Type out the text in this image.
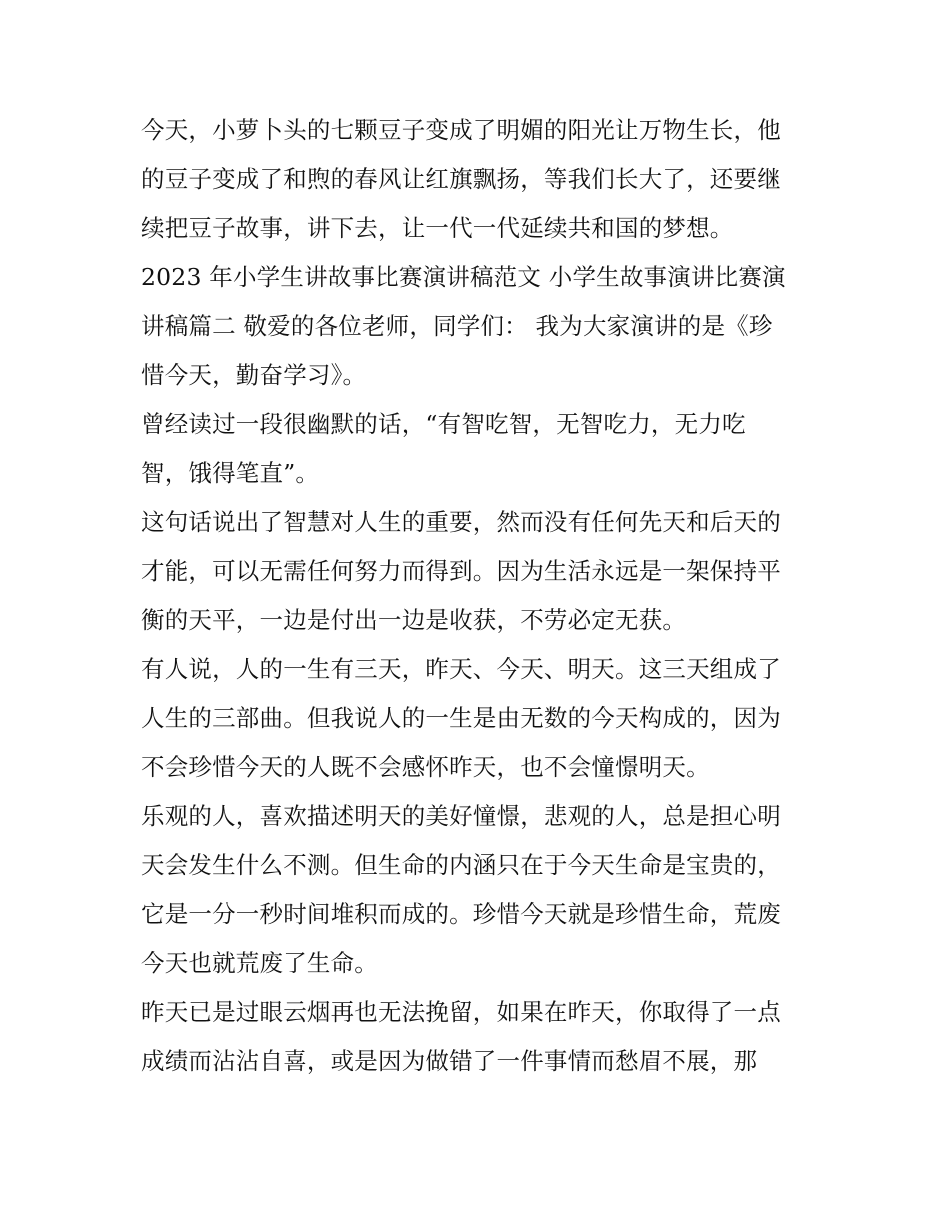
今天，小萝卜头的七颗豆子变成了明媚的阳光让万物生长，他
的豆子变成了和煦的春风让红旗飘扬，等我们长大了，还要继
续把豆子故事，讲下去，让一代一代延续共和国的梦想。
2023 年小学生讲故事比赛演讲稿范文 小学生故事演讲比赛演
讲稿篇二 敬爱的各位老师，同学们： 我为大家演讲的是《珍
惜今天，勤奋学习》。
曾经读过一段很幽默的话，“有智吃智，无智吃力，无力吃
智，饿得笔直”。
这句话说出了智慧对人生的重要，然而没有任何先天和后天的
才能，可以无需任何努力而得到。因为生活永远是一架保持平
衡的天平，一边是付出一边是收获，不劳必定无获。
有人说，人的一生有三天，昨天、今天、明天。这三天组成了
人生的三部曲。但我说人的一生是由无数的今天构成的，因为
不会珍惜今天的人既不会感怀昨天，也不会憧憬明天。
乐观的人，喜欢描述明天的美好憧憬，悲观的人，总是担心明
天会发生什么不测。但生命的内涵只在于今天生命是宝贵的，
它是一分一秒时间堆积而成的。珍惜今天就是珍惜生命，荒废
今天也就荒废了生命。
昨天已是过眼云烟再也无法挽留，如果在昨天，你取得了一点
成绩而沾沾自喜，或是因为做错了一件事情而愁眉不展，那
